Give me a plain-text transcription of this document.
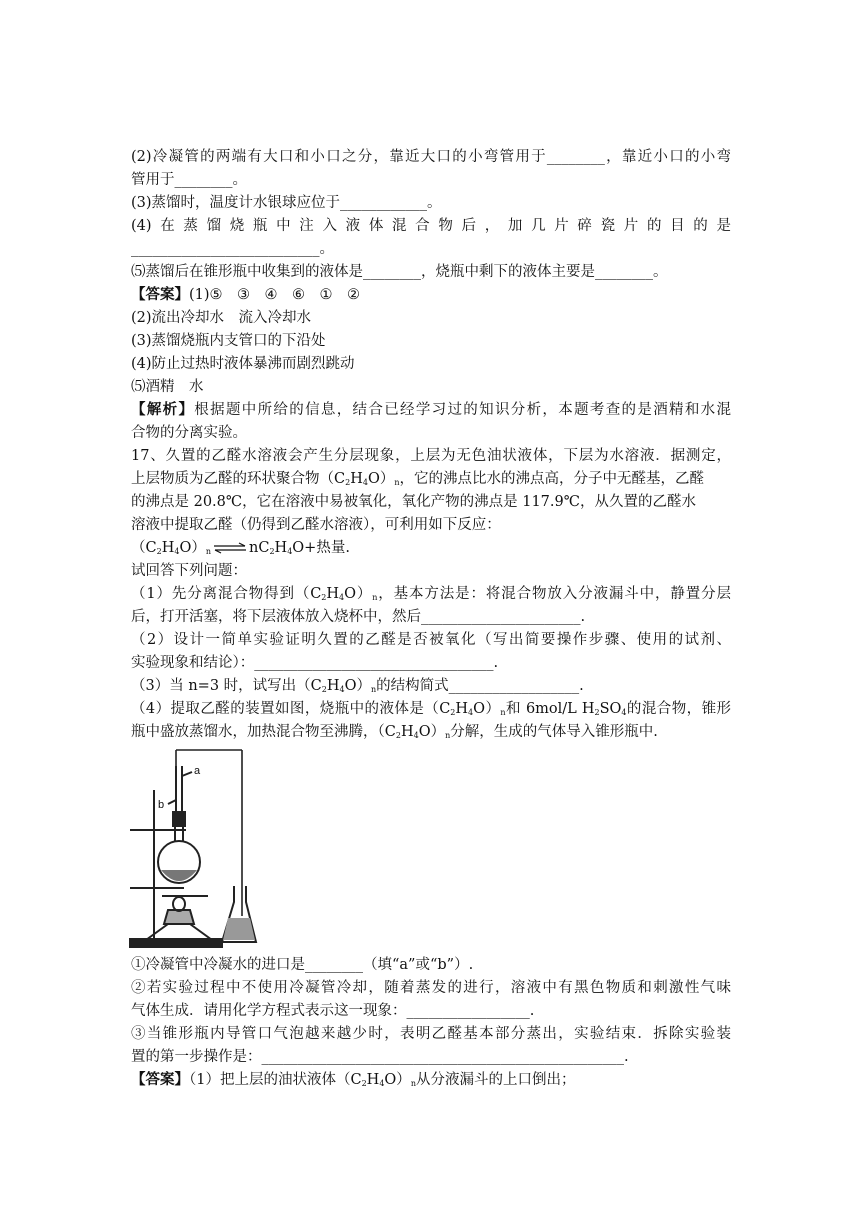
(2)冷凝管的两端有大口和小口之分，靠近大口的小弯管用于________，靠近小口的小弯
管用于________。
(3)蒸馏时，温度计水银球应位于____________。
(4)在蒸馏烧瓶中注入液体混合物后，加几片碎瓷片的目的是
__________________________。
⑸蒸馏后在锥形瓶中收集到的液体是________，烧瓶中剩下的液体主要是________。
【答案】(1)⑤　③　④　⑥　①　②
(2)流出冷却水　流入冷却水
(3)蒸馏烧瓶内支管口的下沿处
(4)防止过热时液体暴沸而剧烈跳动
⑸酒精　水
【解析】根据题中所给的信息，结合已经学习过的知识分析，本题考查的是酒精和水混
合物的分离实验。
17、久置的乙醛水溶液会产生分层现象，上层为无色油状液体，下层为水溶液．据测定，
上层物质为乙醛的环状聚合物$(C_2H_4O)_n$，它的沸点比水的沸点高，分子中无醛基，乙醛
的沸点是 20.8℃，它在溶液中易被氧化，氧化产物的沸点是 117.9℃，从久置的乙醛水
溶液中提取乙醛（仍得到乙醛水溶液），可利用如下反应：
$(C_2H_4O)_n$ ⇌ $nC_2H_4O+$热量.
试回答下列问题：
（1）先分离混合物得到$(C_2H_4O)_n$，基本方法是：将混合物放入分液漏斗中，静置分层
后，打开活塞，将下层液体放入烧杯中，然后______________________.
（2）设计一简单实验证明久置的乙醛是否被氧化（写出简要操作步骤、使用的试剂、
实验现象和结论）：_________________________________.
（3）当 n=3 时，试写出$(C_2H_4O)_n$的结构简式__________________.
（4）提取乙醛的装置如图，烧瓶中的液体是$(C_2H_4O)_n$和 6mol/L $H_2SO_4$的混合物，锥形
瓶中盛放蒸馏水，加热混合物至沸腾，$(C_2H_4O)_n$分解，生成的气体导入锥形瓶中.
a
b
①冷凝管中冷凝水的进口是________（填“a”或“b”）.
②若实验过程中不使用冷凝管冷却，随着蒸发的进行，溶液中有黑色物质和刺激性气味
气体生成．请用化学方程式表示这一现象：_________________.
③当锥形瓶内导管口气泡越来越少时，表明乙醛基本部分蒸出，实验结束．拆除实验装
置的第一步操作是：__________________________________________________.
【答案】（1）把上层的油状液体$(C_2H_4O)_n$从分液漏斗的上口倒出；
